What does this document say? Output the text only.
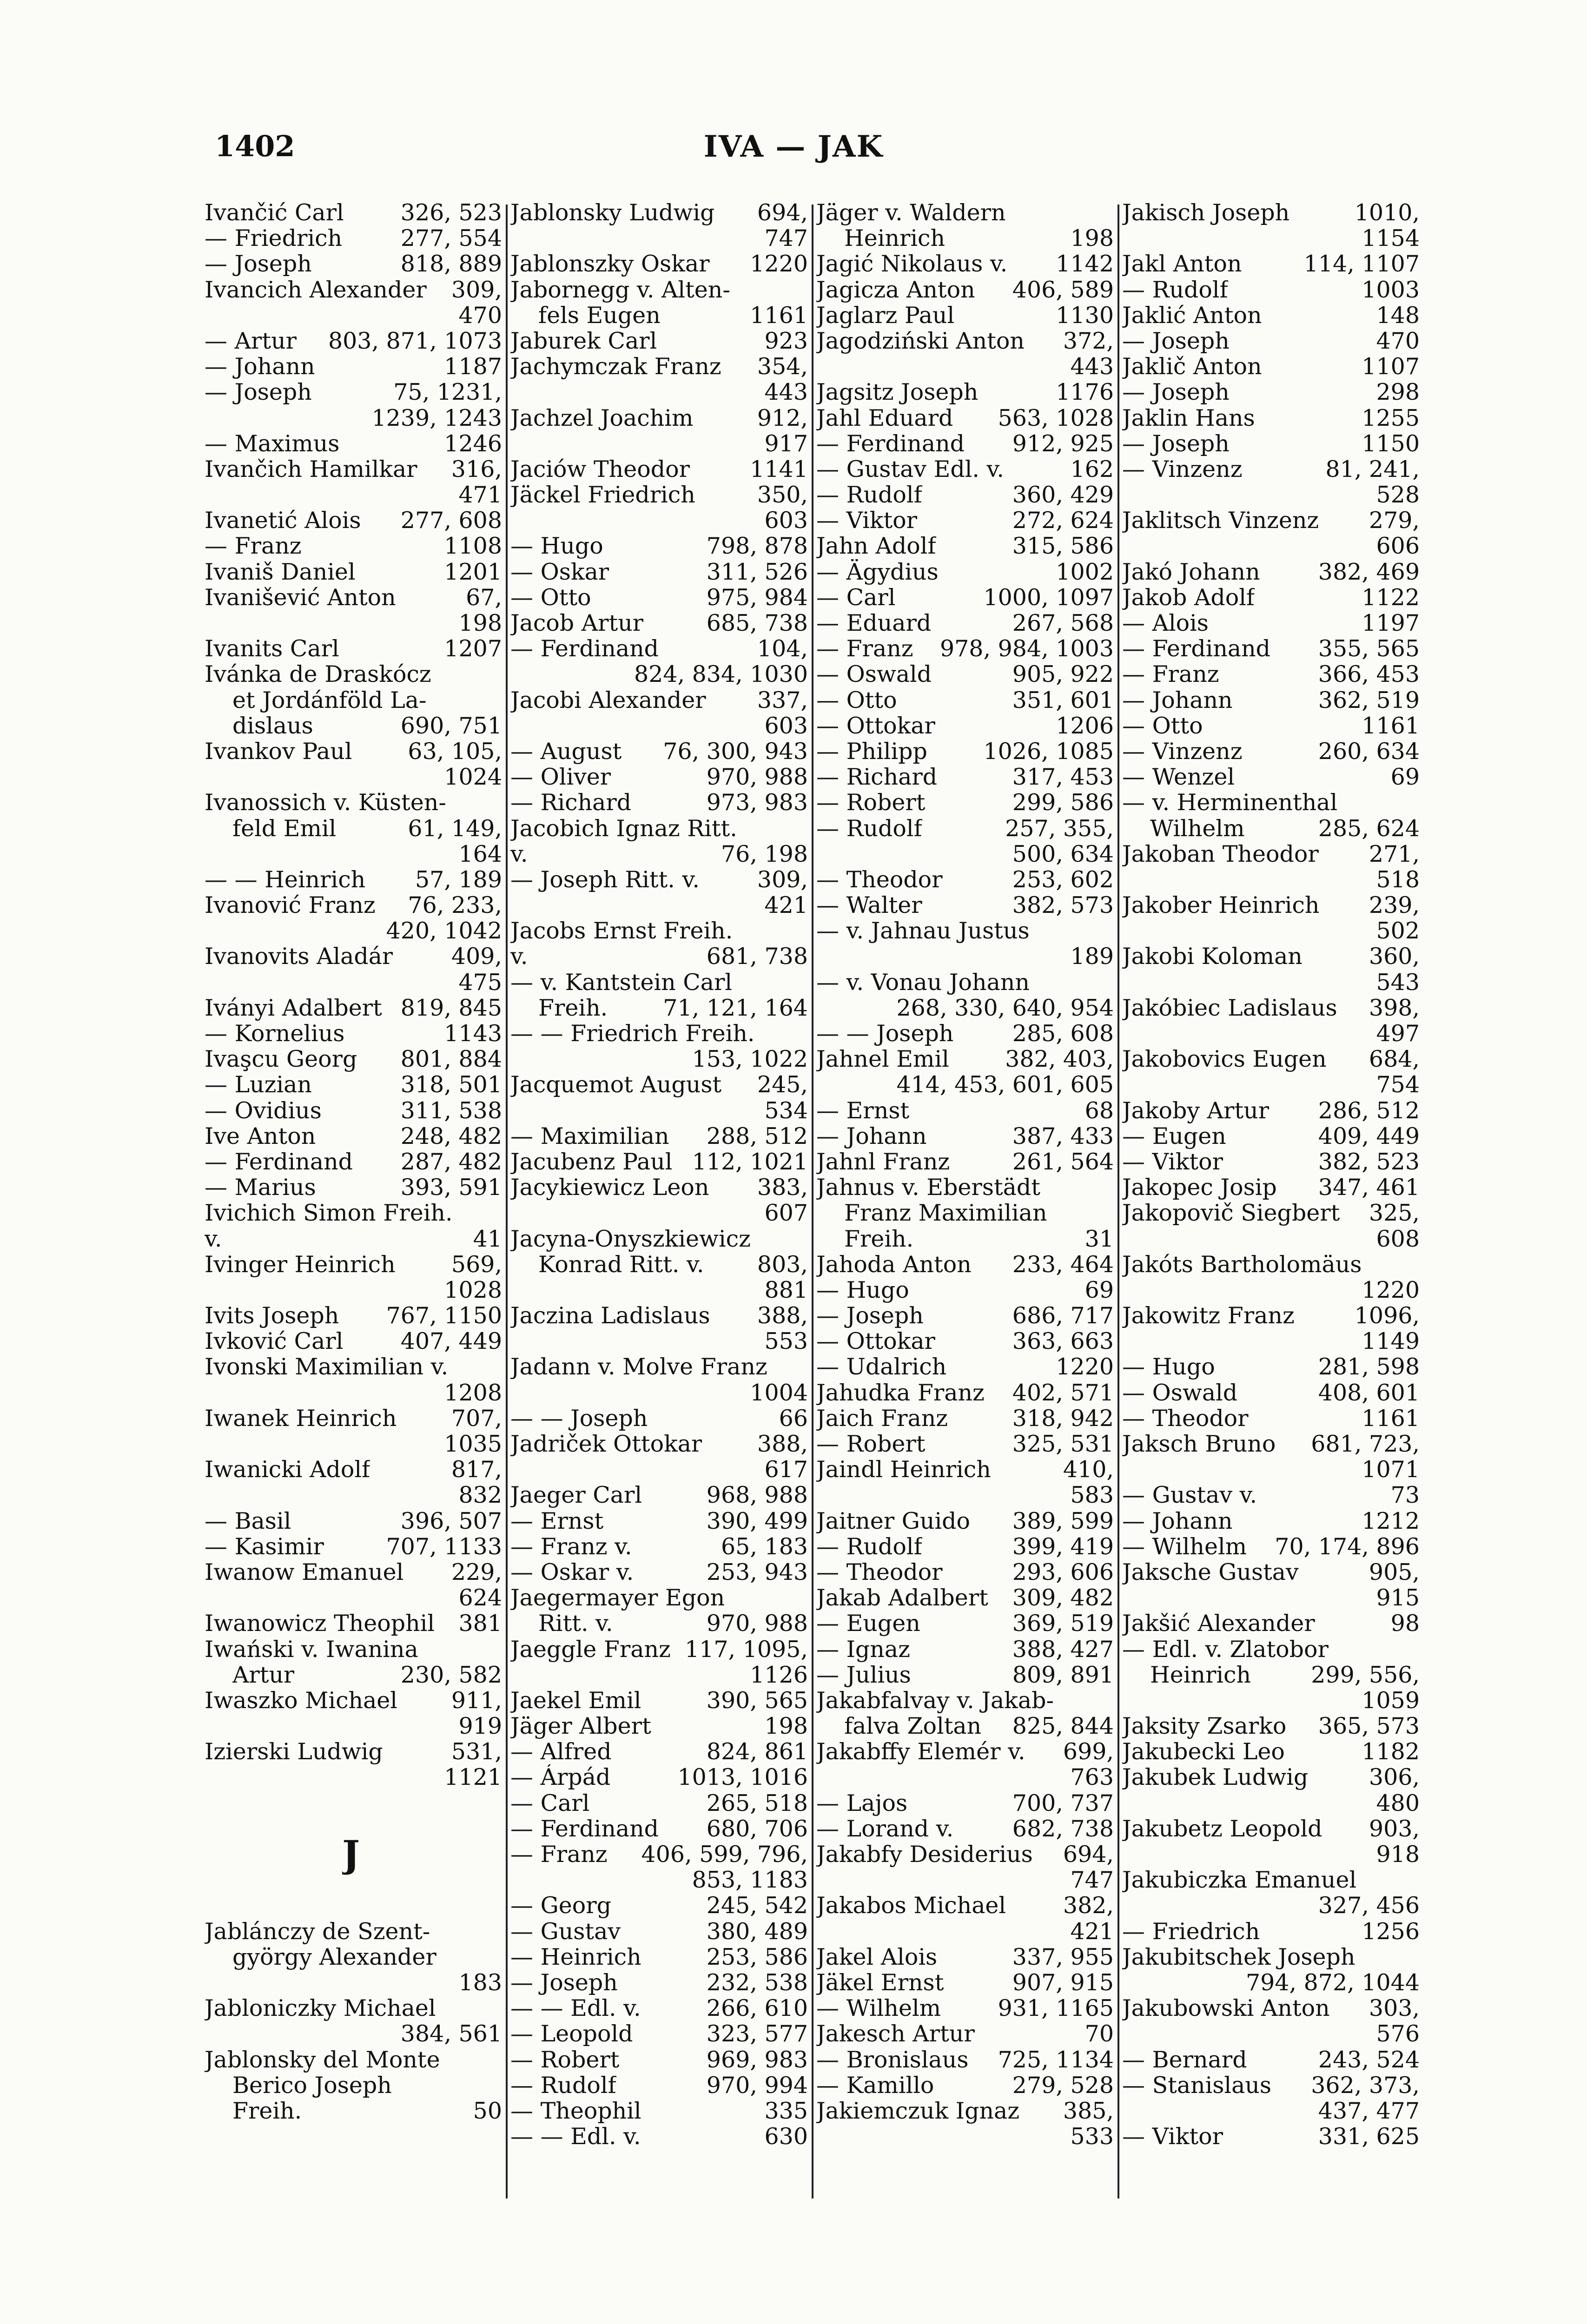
1402	IVA — JAK
Ivančić Carl 326, 523
— Friedrich	277, 554
— Joseph	818, 889
Ivancich Alexander 309,
470
— Artur 803, 871, 1073
— Johann	1187
— Joseph	75, 1231,
1239, 1243
— Maximus	1246
Ivančich Hamilkar 316,
471
Ivanetić Alois 277, 608
— Franz	1108
Ivaniš Daniel	1201
Ivanišević Anton	67,
198
Ivanits Carl	1207
Ivánka de Draskócz
et Jordánföld La-
dislaus	690, 751
Ivankov Paul 63, 105,
1024
Ivanossich v. Küsten-
feld Emil	61, 149,
164
— — Heinrich 57, 189
Ivanović Franz 76, 233,
420, 1042
Ivanovits Aladár	409,
475
Iványi Adalbert 819, 845
— Kornelius	1143
Ivaşcu Georg 801, 884
— Luzian	318, 501
— Ovidius	311, 538
Ive Anton	248, 482
— Ferdinand 287, 482
— Marius	393, 591
Ivichich Simon Freih.
v.	41
Ivinger Heinrich 569,
1028
Ivits Joseph 767, 1150
Ivković Carl	407, 449
Ivonski Maximilian v.
1208
Iwanek Heinrich 707,
1035
Iwanicki Adolf	817,
832
— Basil	396, 507
— Kasimir	707, 1133
Iwanow Emanuel 229,
624
Iwanowicz Theophil 381
Iwański v. Iwanina
Artur	230, 582
Iwaszko Michael 911,
919
Izierski Ludwig	531,
1121
J
Jablánczy de Szent-
györgy Alexander
183
Jabloniczky Michael
384, 561
Jablonsky del Monte
Berico Joseph
Freih.	50
Jablonsky Ludwig 694,
747
Jablonszky Oskar 1220
Jabornegg v. Alten-
fels Eugen	1161
Jaburek Carl	923
Jachymczak Franz 354,
443
Jachzel Joachim	912,
917
Jaciów Theodor	1141
Jäckel Friedrich	350,
603
— Hugo	798, 878
— Oskar	311, 526
— Otto	975, 984
Jacob Artur	685, 738
— Ferdinand	104,
824, 834, 1030
Jacobi Alexander 337,
603
— August 76, 300, 943
— Oliver	970, 988
— Richard	973, 983
Jacobich Ignaz Ritt.
v.	76, 198
— Joseph Ritt. v.	309,
421
Jacobs Ernst Freih.
v.	681, 738
— v. Kantstein Carl
Freih. 71, 121, 164
— — Friedrich Freih.
153, 1022
Jacquemot August 245,
534
— Maximilian 288, 512
Jacubenz Paul 112, 1021
Jacykiewicz Leon 383,
607
Jacyna-Onyszkiewicz
Konrad Ritt. v. 803,
881
Jaczina Ladislaus 388,
553
Jadann v. Molve Franz
1004
— — Joseph	66
Jadriček Ottokar 388,
617
Jaeger Carl	968, 988
— Ernst	390, 499
— Franz v.	65, 183
— Oskar v.	253, 943
Jaegermayer Egon
Ritt. v.	970, 988
Jaeggle Franz 117, 1095,
1126
Jaekel Emil	390, 565
Jäger Albert	198
— Alfred	824, 861
— Árpád	1013, 1016
— Carl	265, 518
— Ferdinand 680, 706
— Franz 406, 599, 796,
853, 1183
— Georg	245, 542
— Gustav	380, 489
— Heinrich	253, 586
— Joseph	232, 538
— — Edl. v.	266, 610
— Leopold	323, 577
— Robert	969, 983
— Rudolf	970, 994
— Theophil	335
— — Edl. v.	630
Jäger v. Waldern
Heinrich	198
Jagić Nikolaus v. 1142
Jagicza Anton 406, 589
Jaglarz Paul	1130
Jagodziński Anton 372,
443
Jagsitz Joseph	1176
Jahl Eduard 563, 1028
— Ferdinand 912, 925
— Gustav Edl. v.	162
— Rudolf	360, 429
— Viktor	272, 624
Jahn Adolf	315, 586
— Ägydius	1002
— Carl	1000, 1097
— Eduard	267, 568
— Franz 978, 984, 1003
— Oswald	905, 922
— Otto	351, 601
— Ottokar	1206
— Philipp 1026, 1085
— Richard	317, 453
— Robert	299, 586
— Rudolf	257, 355,
500, 634
— Theodor	253, 602
— Walter	382, 573
— v. Jahnau Justus
189
— v. Vonau Johann
268, 330, 640, 954
— — Joseph	285, 608
Jahnel Emil 382, 403,
414, 453, 601, 605
— Ernst	68
— Johann	387, 433
Jahnl Franz	261, 564
Jahnus v. Eberstädt
Franz Maximilian
Freih.	31
Jahoda Anton 233, 464
— Hugo	69
— Joseph	686, 717
— Ottokar	363, 663
— Udalrich	1220
Jahudka Franz 402, 571
Jaich Franz	318, 942
— Robert	325, 531
Jaindl Heinrich	410,
583
Jaitner Guido 389, 599
— Rudolf	399, 419
— Theodor	293, 606
Jakab Adalbert 309, 482
— Eugen	369, 519
— Ignaz	388, 427
— Julius	809, 891
Jakabfalvay v. Jakab-
falva Zoltan 825, 844
Jakabffy Elemér v. 699,
763
— Lajos	700, 737
— Lorand v.	682, 738
Jakabfy Desiderius 694,
747
Jakabos Michael	382,
421
Jakel Alois	337, 955
Jäkel Ernst	907, 915
— Wilhelm 931, 1165
Jakesch Artur	70
— Bronislaus 725, 1134
— Kamillo	279, 528
Jakiemczuk Ignaz 385,
533
Jakisch Joseph	1010,
1154
Jakl Anton	114, 1107
— Rudolf	1003
Jaklić Anton	148
— Joseph	470
Jaklič Anton	1107
— Joseph	298
Jaklin Hans	1255
— Joseph	1150
— Vinzenz	81, 241,
528
Jaklitsch Vinzenz 279,
606
Jakó Johann	382, 469
Jakob Adolf	1122
— Alois	1197
— Ferdinand 355, 565
— Franz	366, 453
— Johann	362, 519
— Otto	1161
— Vinzenz	260, 634
— Wenzel	69
— v. Herminenthal
Wilhelm	285, 624
Jakoban Theodor 271,
518
Jakober Heinrich 239,
502
Jakobi Koloman	360,
543
Jakóbiec Ladislaus 398,
497
Jakobovics Eugen 684,
754
Jakoby Artur 286, 512
— Eugen	409, 449
— Viktor	382, 523
Jakopec Josip 347, 461
Jakopovič Siegbert 325,
608
Jakóts Bartholomäus
1220
Jakowitz Franz	1096,
1149
— Hugo	281, 598
— Oswald	408, 601
— Theodor	1161
Jaksch Bruno 681, 723,
1071
— Gustav v.	73
— Johann	1212
— Wilhelm 70, 174, 896
Jaksche Gustav	905,
915
Jakšić Alexander	98
— Edl. v. Zlatobor
Heinrich	299, 556,
1059
Jaksity Zsarko 365, 573
Jakubecki Leo	1182
Jakubek Ludwig	306,
480
Jakubetz Leopold 903,
918
Jakubiczka Emanuel
327, 456
— Friedrich	1256
Jakubitschek Joseph
794, 872, 1044
Jakubowski Anton 303,
576
— Bernard	243, 524
— Stanislaus 362, 373,
437, 477
— Viktor	331, 625
